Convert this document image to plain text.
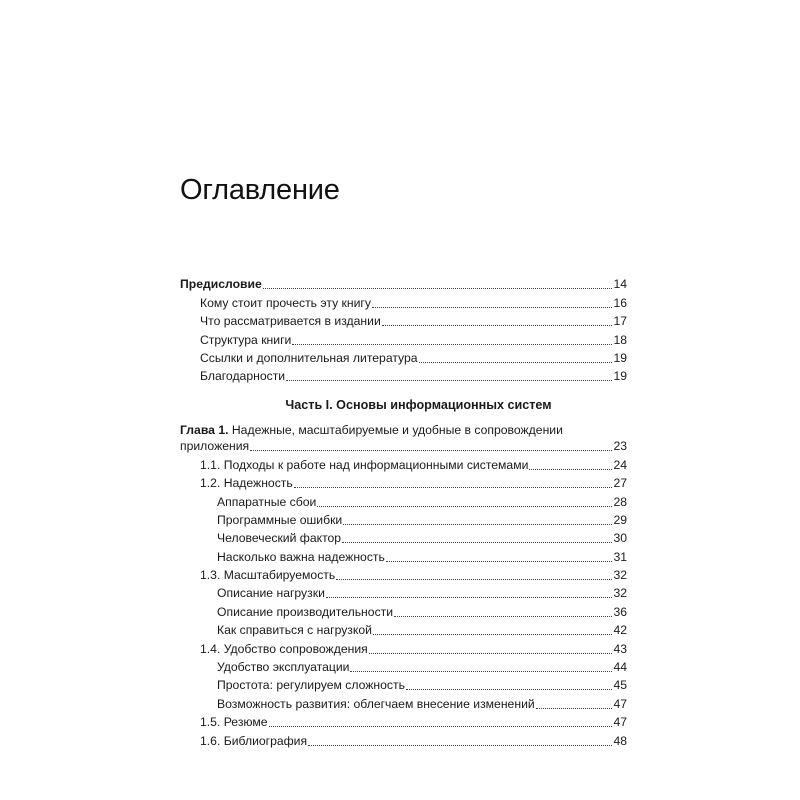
Оглавление
Предисловие	14
Кому стоит прочесть эту книгу	16
Что рассматривается в издании	17
Структура книги	18
Ссылки и дополнительная литература	19
Благодарности	19
Часть I. Основы информационных систем
Глава 1. Надежные, масштабируемые и удобные в сопровождении
приложения	23
1.1. Подходы к работе над информационными системами	24
1.2. Надежность	27
Аппаратные сбои	28
Программные ошибки	29
Человеческий фактор	30
Насколько важна надежность	31
1.3. Масштабируемость	32
Описание нагрузки	32
Описание производительности	36
Как справиться с нагрузкой	42
1.4. Удобство сопровождения	43
Удобство эксплуатации	44
Простота: регулируем сложность	45
Возможность развития: облегчаем внесение изменений	47
1.5. Резюме	47
1.6. Библиография	48
